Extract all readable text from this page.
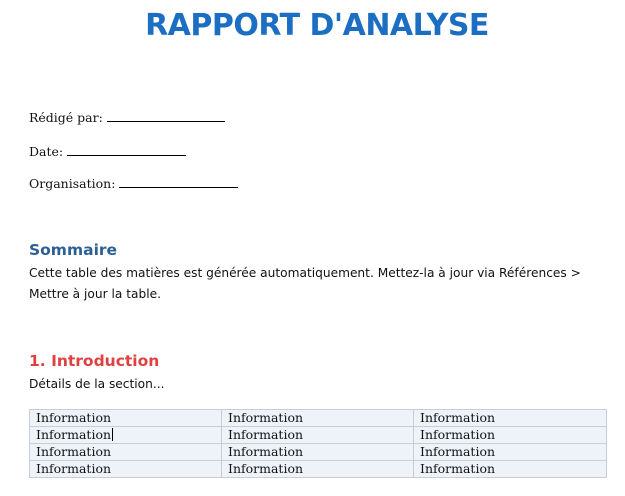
RAPPORT D'ANALYSE
Rédigé par:
Date:
Organisation:
Sommaire
Cette table des matières est générée automatiquement. Mettez-la à jour via Références >
Mettre à jour la table.
1. Introduction
Détails de la section...
Information	Information	Information
Information	Information	Information
Information	Information	Information
Information	Information	Information
